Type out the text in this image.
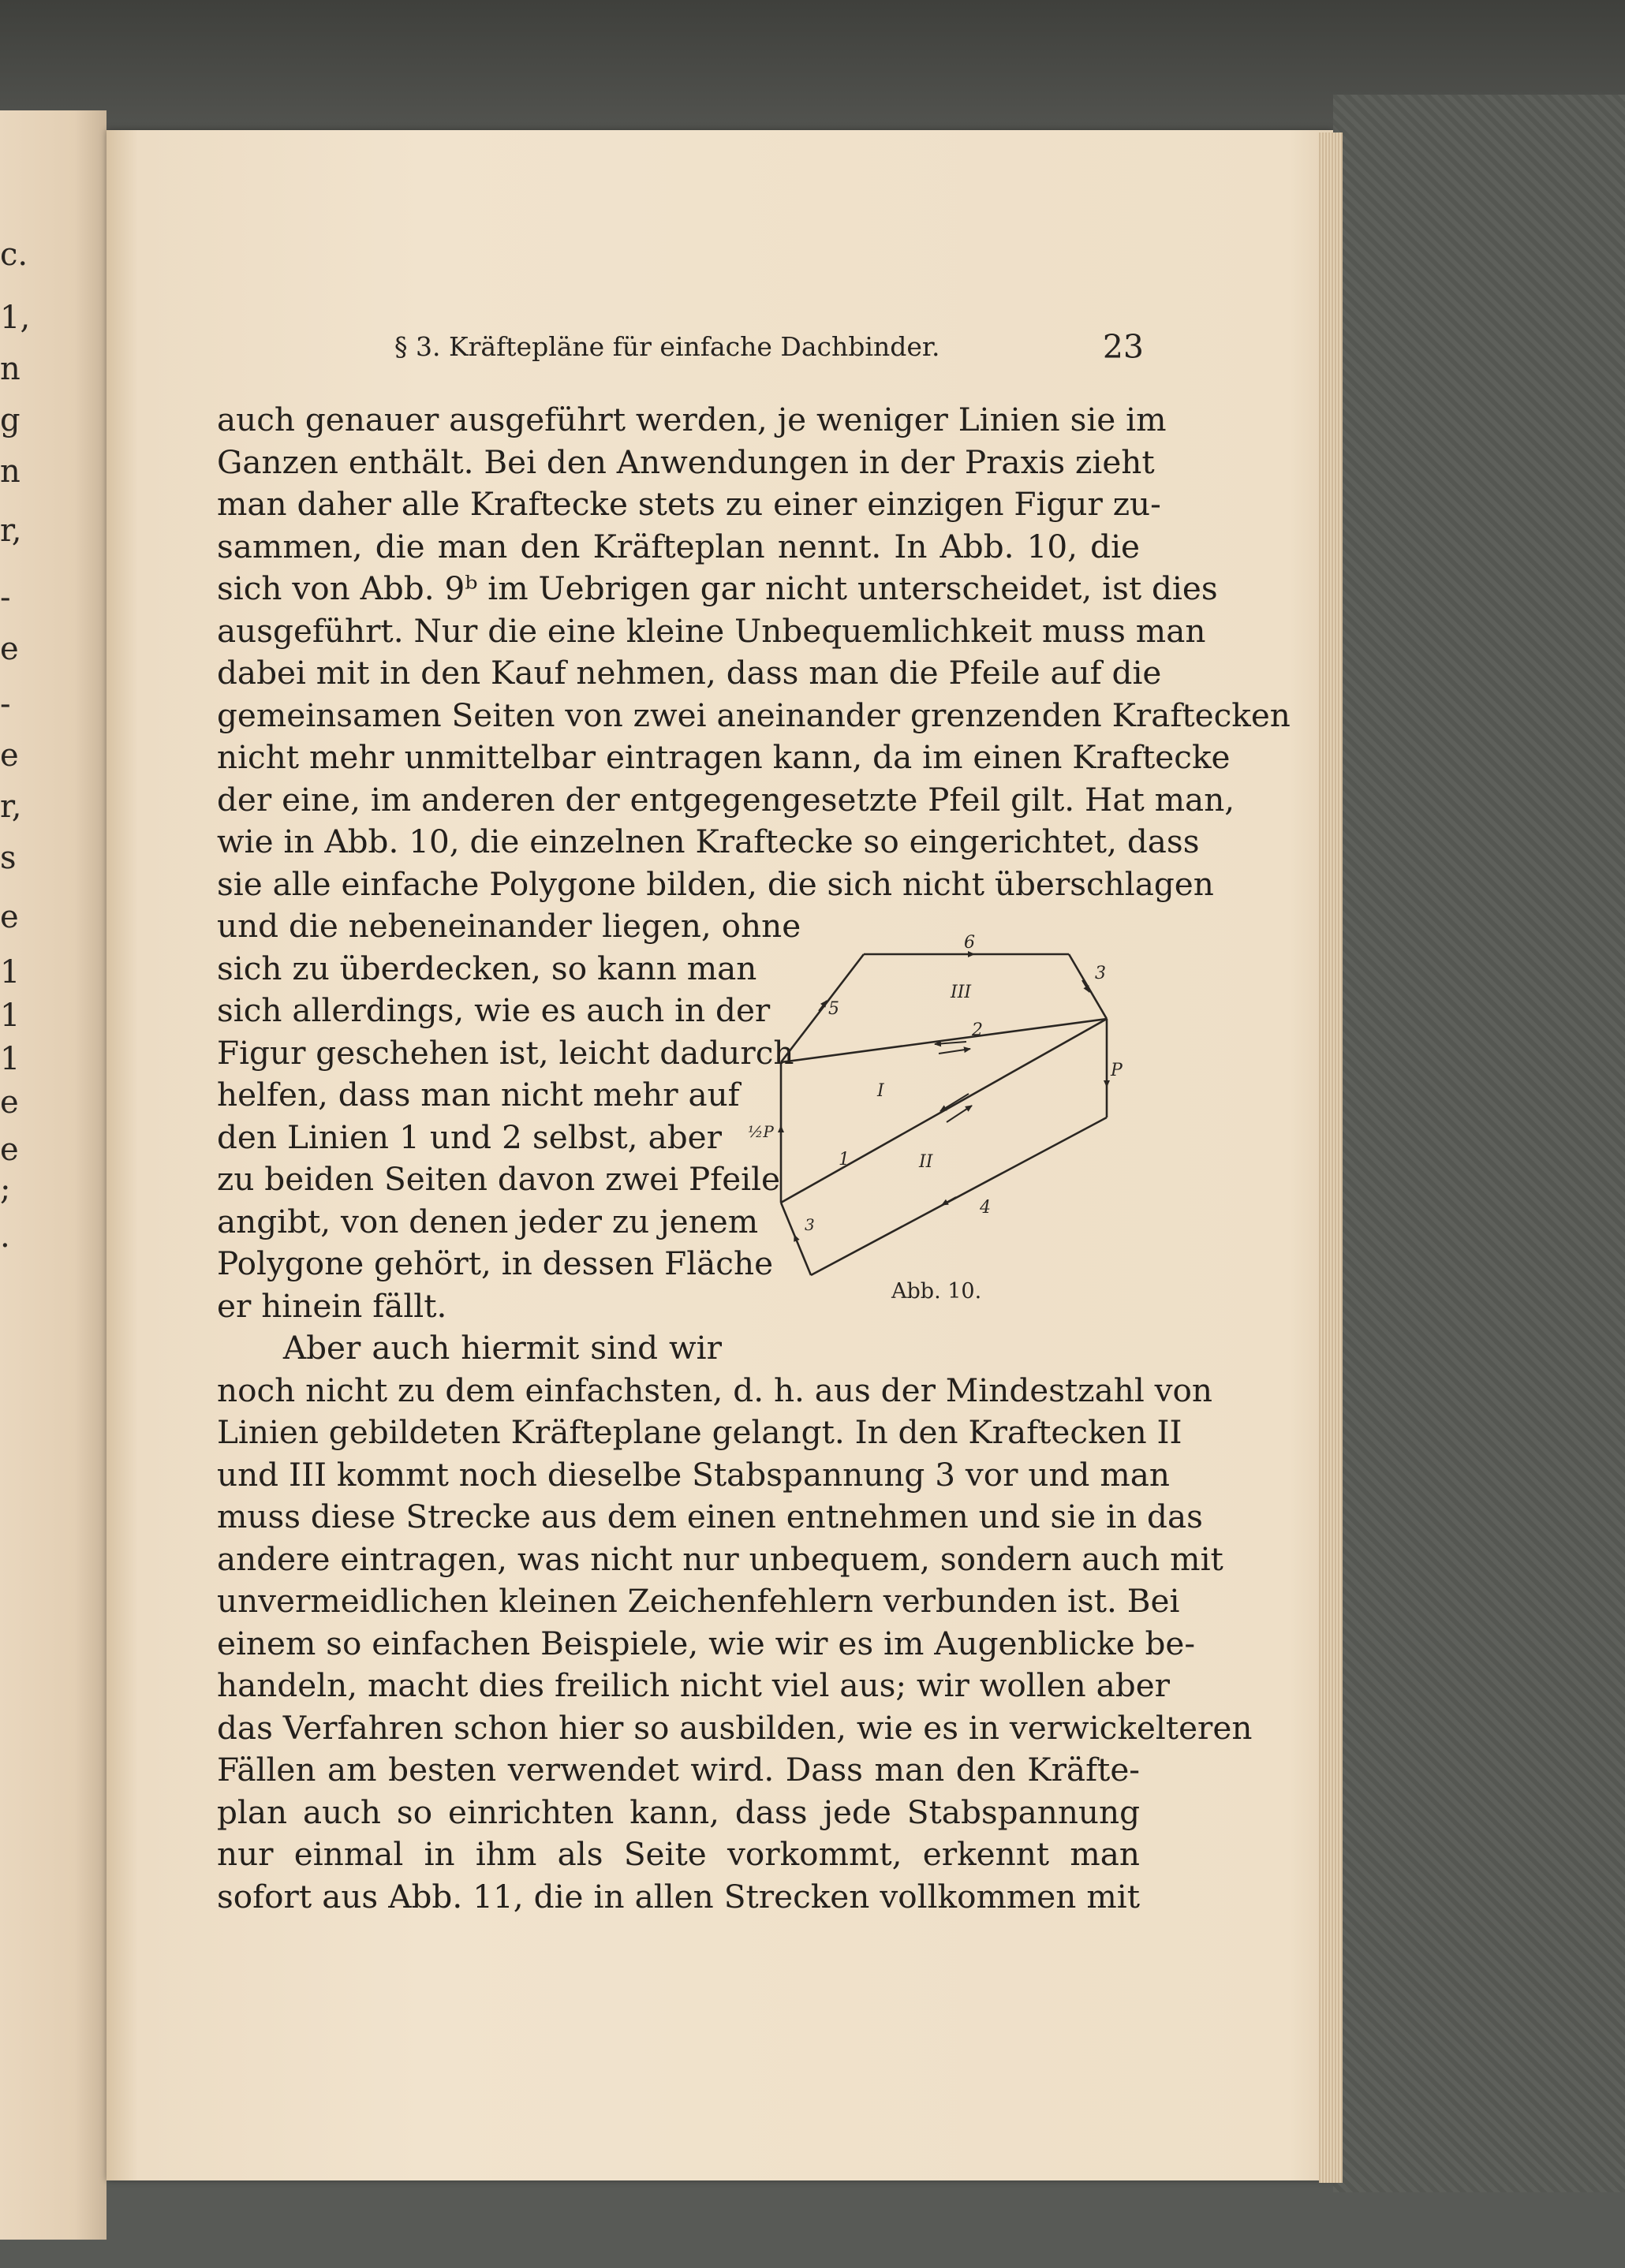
c.
1,
n
g
n
r,
-
e
-
e
r,
s
e
1
1
1
e
e
;
.
§ 3. Kräftepläne für einfache Dachbinder.	23
auch genauer ausgeführt werden, je weniger Linien sie im
Ganzen enthält. Bei den Anwendungen in der Praxis zieht
man daher alle Kraftecke stets zu einer einzigen Figur zu-
sammen, die man den Kräfteplan nennt. In Abb. 10, die
sich von Abb. 9ᵇ im Uebrigen gar nicht unterscheidet, ist dies
ausgeführt. Nur die eine kleine Unbequemlichkeit muss man
dabei mit in den Kauf nehmen, dass man die Pfeile auf die
gemeinsamen Seiten von zwei aneinander grenzenden Kraftecken
nicht mehr unmittelbar eintragen kann, da im einen Kraftecke
der eine, im anderen der entgegengesetzte Pfeil gilt. Hat man,
wie in Abb. 10, die einzelnen Kraftecke so eingerichtet, dass
sie alle einfache Polygone bilden, die sich nicht überschlagen
und die nebeneinander liegen, ohne
sich zu überdecken, so kann man
sich allerdings, wie es auch in der
Figur geschehen ist, leicht dadurch
helfen, dass man nicht mehr auf
den Linien 1 und 2 selbst, aber
zu beiden Seiten davon zwei Pfeile
angibt, von denen jeder zu jenem
Polygone gehört, in dessen Fläche
er hinein fällt.
Aber auch hiermit sind wir
noch nicht zu dem einfachsten, d. h. aus der Mindestzahl von
Linien gebildeten Kräfteplane gelangt. In den Kraftecken II
und III kommt noch dieselbe Stabspannung 3 vor und man
muss diese Strecke aus dem einen entnehmen und sie in das
andere eintragen, was nicht nur unbequem, sondern auch mit
unvermeidlichen kleinen Zeichenfehlern verbunden ist. Bei
einem so einfachen Beispiele, wie wir es im Augenblicke be-
handeln, macht dies freilich nicht viel aus; wir wollen aber
das Verfahren schon hier so ausbilden, wie es in verwickelteren
Fällen am besten verwendet wird. Dass man den Kräfte-
plan auch so einrichten kann, dass jede Stabspannung
nur einmal in ihm als Seite vorkommt, erkennt man
sofort aus Abb. 11, die in allen Strecken vollkommen mit
6
3
5
III
2
I
P
½P
1	II
4
3
Abb. 10.
